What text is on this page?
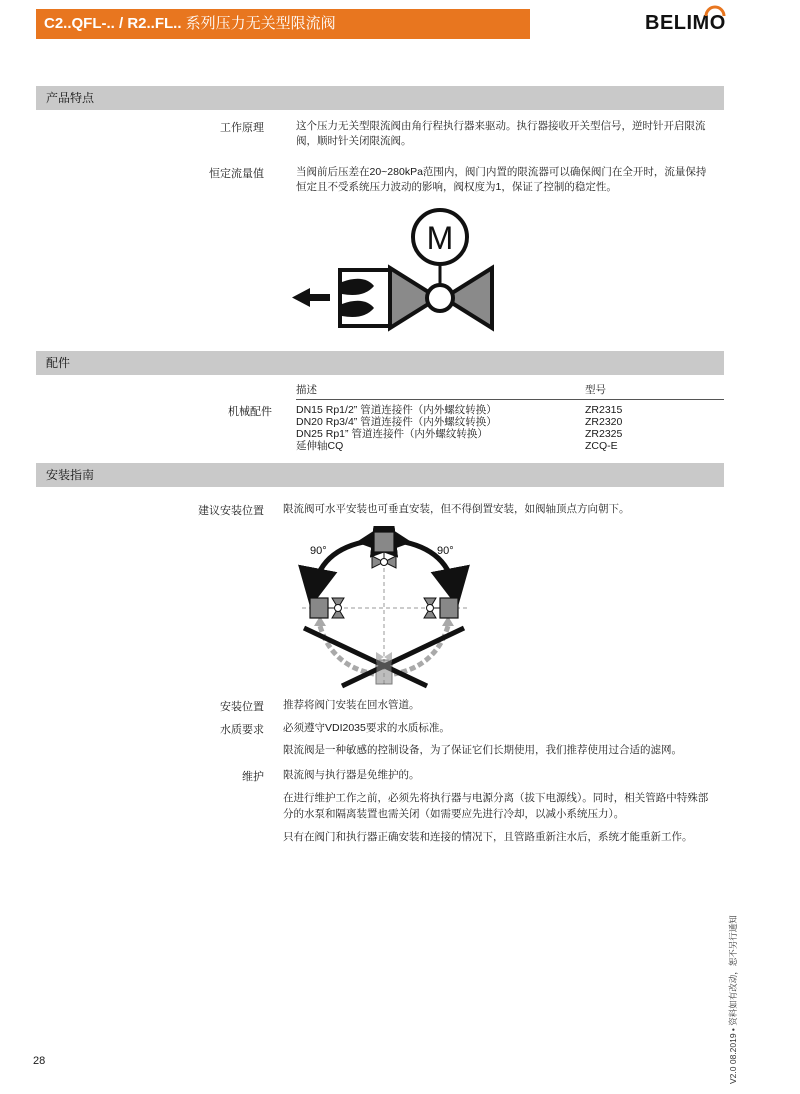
C2..QFL-.. / R2..FL.. 系列压力无关型限流阀	BELIMO
产品特点
工作原理	这个压力无关型限流阀由角行程执行器来驱动。执行器接收开关型信号，逆时针开启限流
阀，顺时针关闭限流阀。
恒定流量值	当阀前后压差在20~280kPa范围内，阀门内置的限流器可以确保阀门在全开时，流量保持
恒定且不受系统压力波动的影响，阀权度为1，保证了控制的稳定性。
M
配件
描述	型号
机械配件 DN15 Rp1/2” 管道连接件（内外螺纹转换）	ZR2315
DN20 Rp3/4” 管道连接件（内外螺纹转换）	ZR2320
DN25 Rp1” 管道连接件（内外螺纹转换）	ZR2325
延伸轴CQ	ZCQ-E
安装指南
建议安装位置 限流阀可水平安装也可垂直安装，但不得倒置安装，如阀轴顶点方向朝下。
90°	90°
安装位置 推荐将阀门安装在回水管道。
水质要求 必须遵守VDI2035要求的水质标准。
限流阀是一种敏感的控制设备，为了保证它们长期使用，我们推荐使用过合适的滤网。
维护 限流阀与执行器是免维护的。
在进行维护工作之前，必须先将执行器与电源分离（拔下电源线）。同时，相关管路中特殊部
分的水泵和隔离装置也需关闭（如需要应先进行冷却，以减小系统压力）。
只有在阀门和执行器正确安装和连接的情况下，且管路重新注水后，系统才能重新工作。
28	V2.0 08.2019 • 资料如有改动，恕不另行通知
